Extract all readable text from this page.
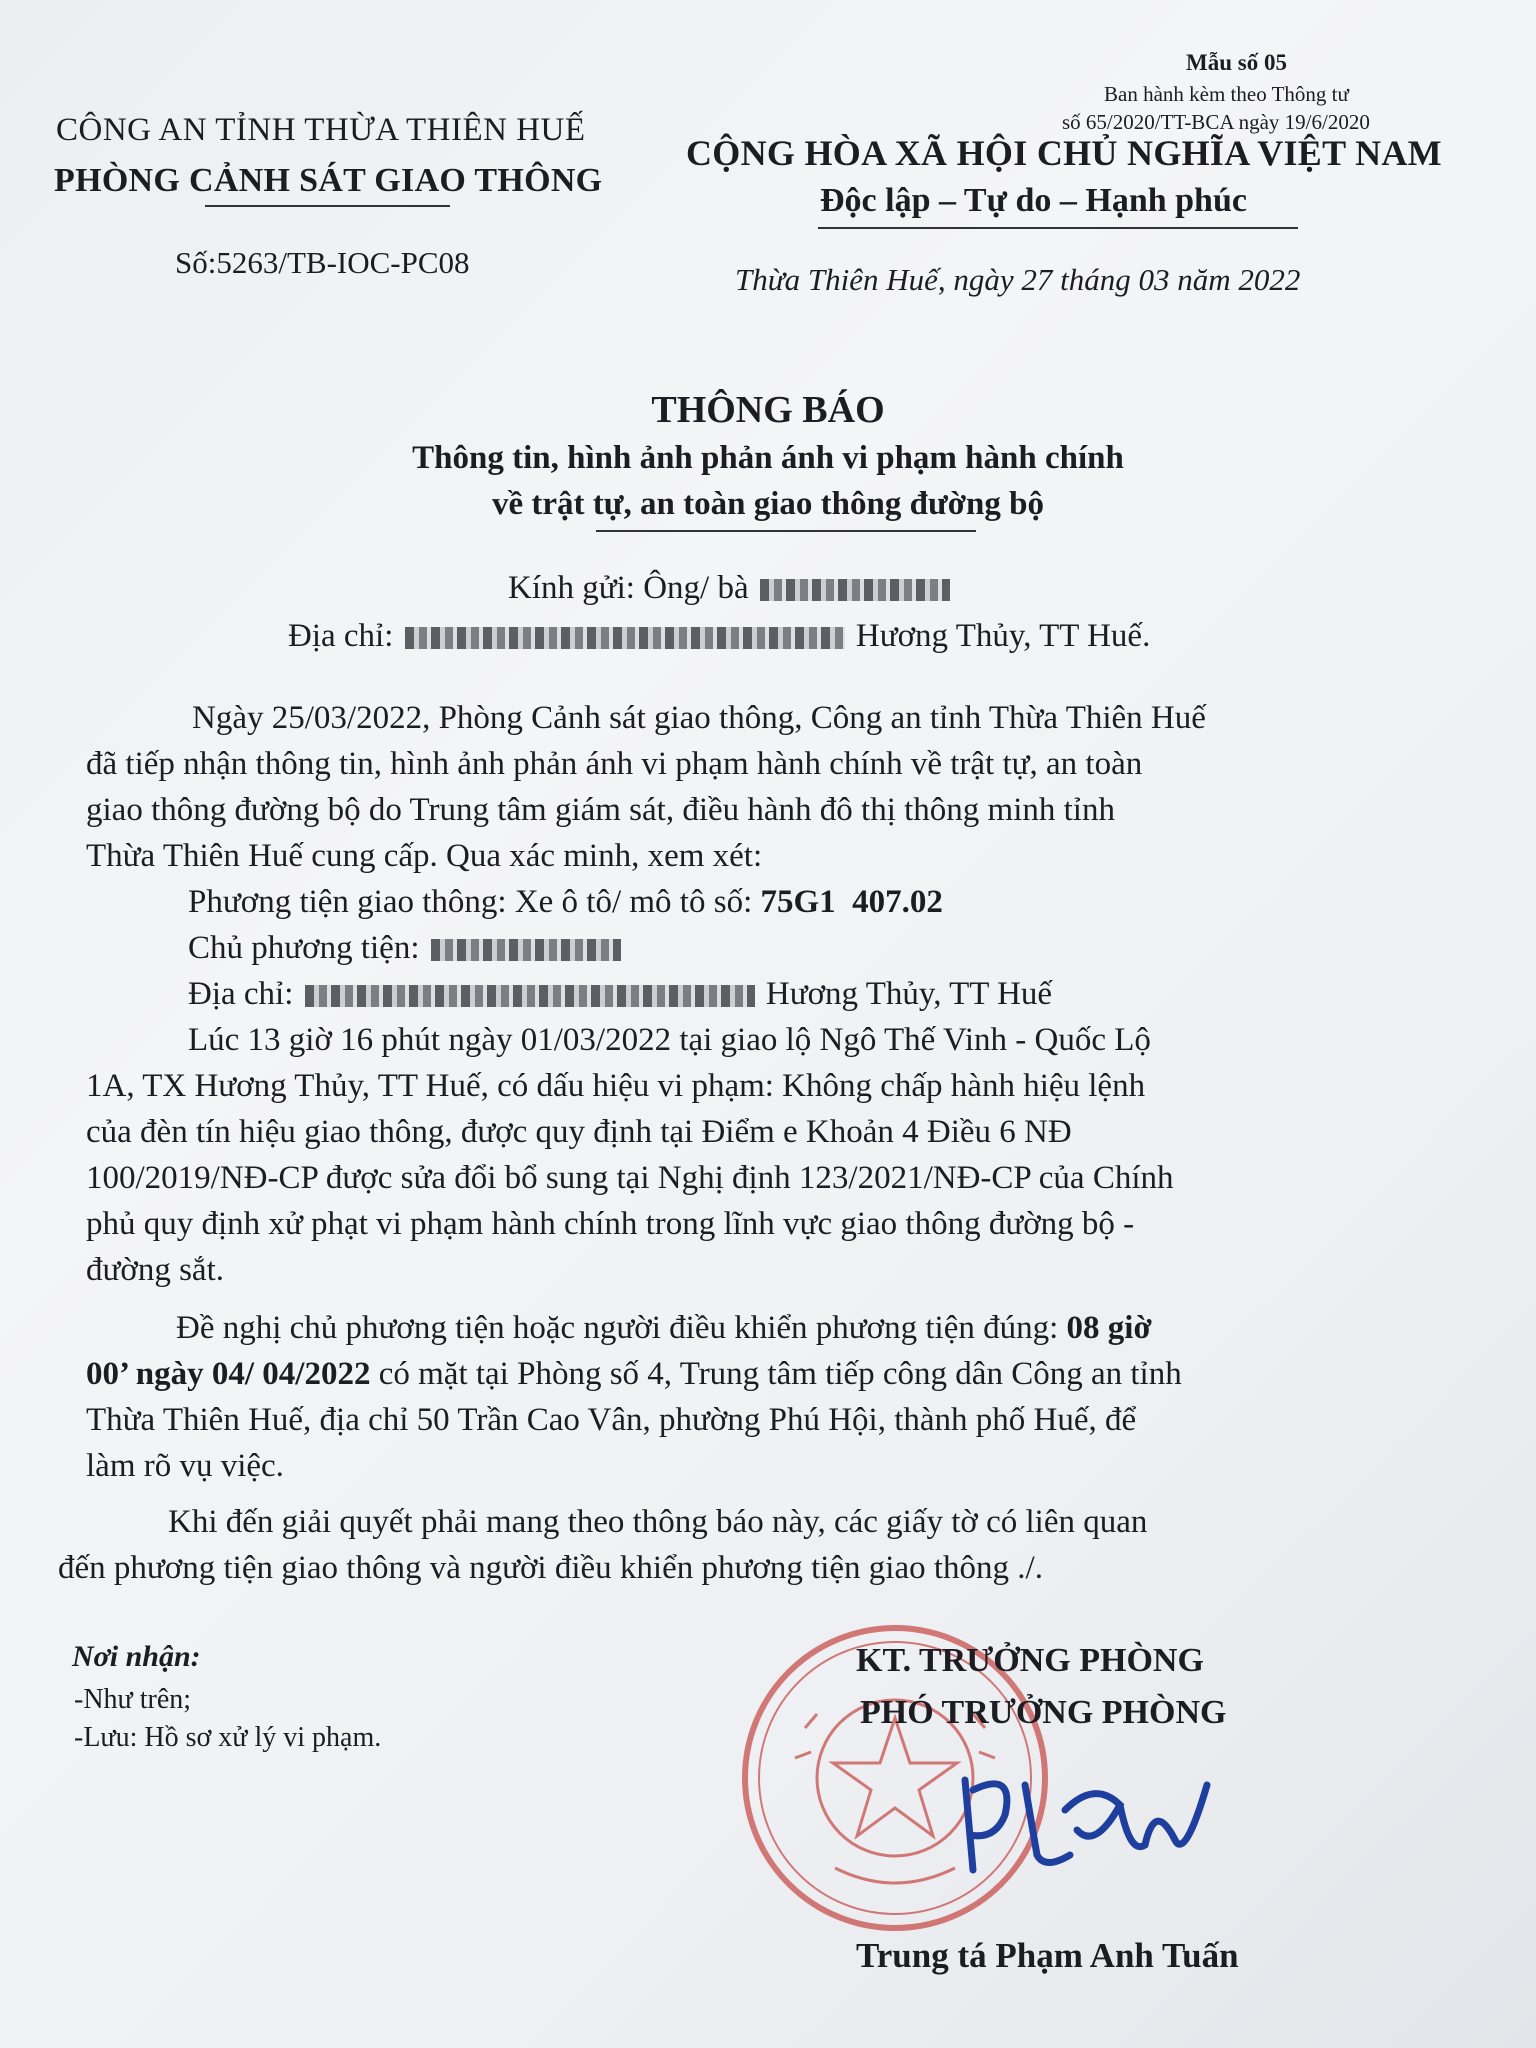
CÔNG AN TỈNH THỪA THIÊN HUẾ
PHÒNG CẢNH SÁT GIAO THÔNG
Số:5263/TB-IOC-PC08
Mẫu số 05
Ban hành kèm theo Thông tư
số 65/2020/TT-BCA ngày 19/6/2020
CỘNG HÒA XÃ HỘI CHỦ NGHĨA VIỆT NAM
Độc lập – Tự do – Hạnh phúc
Thừa Thiên Huế, ngày 27 tháng 03 năm 2022
THÔNG BÁO
Thông tin, hình ảnh phản ánh vi phạm hành chính
về trật tự, an toàn giao thông đường bộ
Kính gửi: Ông/ bà
Địa chỉ:	Hương Thủy, TT Huế.
Ngày 25/03/2022, Phòng Cảnh sát giao thông, Công an tỉnh Thừa Thiên Huế
đã tiếp nhận thông tin, hình ảnh phản ánh vi phạm hành chính về trật tự, an toàn
giao thông đường bộ do Trung tâm giám sát, điều hành đô thị thông minh tỉnh
Thừa Thiên Huế cung cấp. Qua xác minh, xem xét:
Phương tiện giao thông: Xe ô tô/ mô tô số: 75G1  407.02
Chủ phương tiện:
Địa chỉ:	Hương Thủy, TT Huế
Lúc 13 giờ 16 phút ngày 01/03/2022 tại giao lộ Ngô Thế Vinh - Quốc Lộ
1A, TX Hương Thủy, TT Huế, có dấu hiệu vi phạm: Không chấp hành hiệu lệnh
của đèn tín hiệu giao thông, được quy định tại Điểm e Khoản 4 Điều 6 NĐ
100/2019/NĐ-CP được sửa đổi bổ sung tại Nghị định 123/2021/NĐ-CP của Chính
phủ quy định xử phạt vi phạm hành chính trong lĩnh vực giao thông đường bộ -
đường sắt.
Đề nghị chủ phương tiện hoặc người điều khiển phương tiện đúng: 08 giờ
00’ ngày 04/ 04/2022 có mặt tại Phòng số 4, Trung tâm tiếp công dân Công an tỉnh
Thừa Thiên Huế, địa chỉ 50 Trần Cao Vân, phường Phú Hội, thành phố Huế, để
làm rõ vụ việc.
Khi đến giải quyết phải mang theo thông báo này, các giấy tờ có liên quan
đến phương tiện giao thông và người điều khiển phương tiện giao thông ./.
Nơi nhận:
-Như trên;
-Lưu: Hồ sơ xử lý vi phạm.
KT. TRƯỞNG PHÒNG
PHÓ TRƯỞNG PHÒNG
Trung tá Phạm Anh Tuấn
